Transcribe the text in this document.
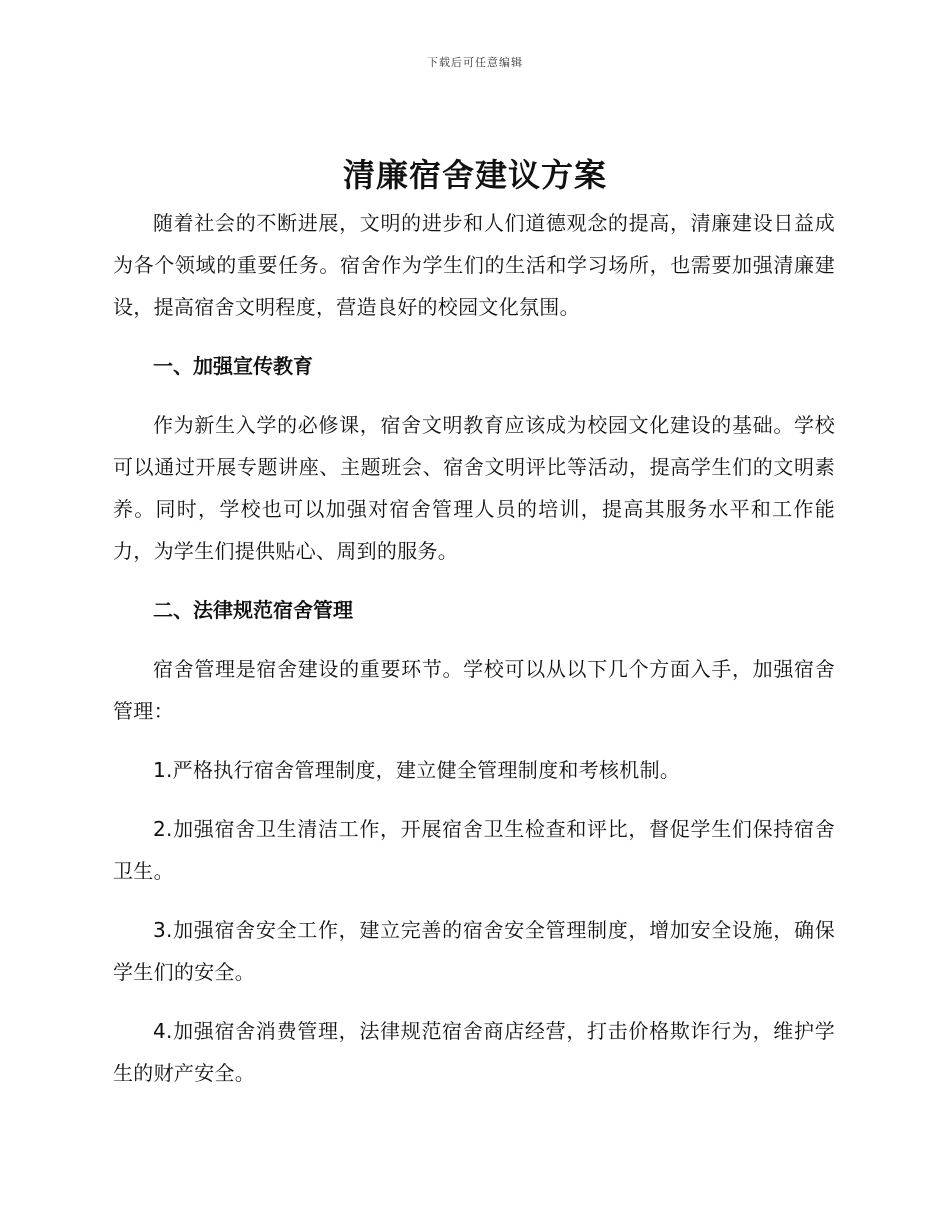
下载后可任意编辑
清廉宿舍建议方案

随着社会的不断进展，文明的进步和人们道德观念的提高，清廉建设日益成为各个领域的重要任务。宿舍作为学生们的生活和学习场所，也需要加强清廉建设，提高宿舍文明程度，营造良好的校园文化氛围。

一、加强宣传教育

作为新生入学的必修课，宿舍文明教育应该成为校园文化建设的基础。学校可以通过开展专题讲座、主题班会、宿舍文明评比等活动，提高学生们的文明素养。同时，学校也可以加强对宿舍管理人员的培训，提高其服务水平和工作能力，为学生们提供贴心、周到的服务。

二、法律规范宿舍管理

宿舍管理是宿舍建设的重要环节。学校可以从以下几个方面入手，加强宿舍管理：

1.严格执行宿舍管理制度，建立健全管理制度和考核机制。

2.加强宿舍卫生清洁工作，开展宿舍卫生检查和评比，督促学生们保持宿舍卫生。

3.加强宿舍安全工作，建立完善的宿舍安全管理制度，增加安全设施，确保学生们的安全。

4.加强宿舍消费管理，法律规范宿舍商店经营，打击价格欺诈行为，维护学生的财产安全。
